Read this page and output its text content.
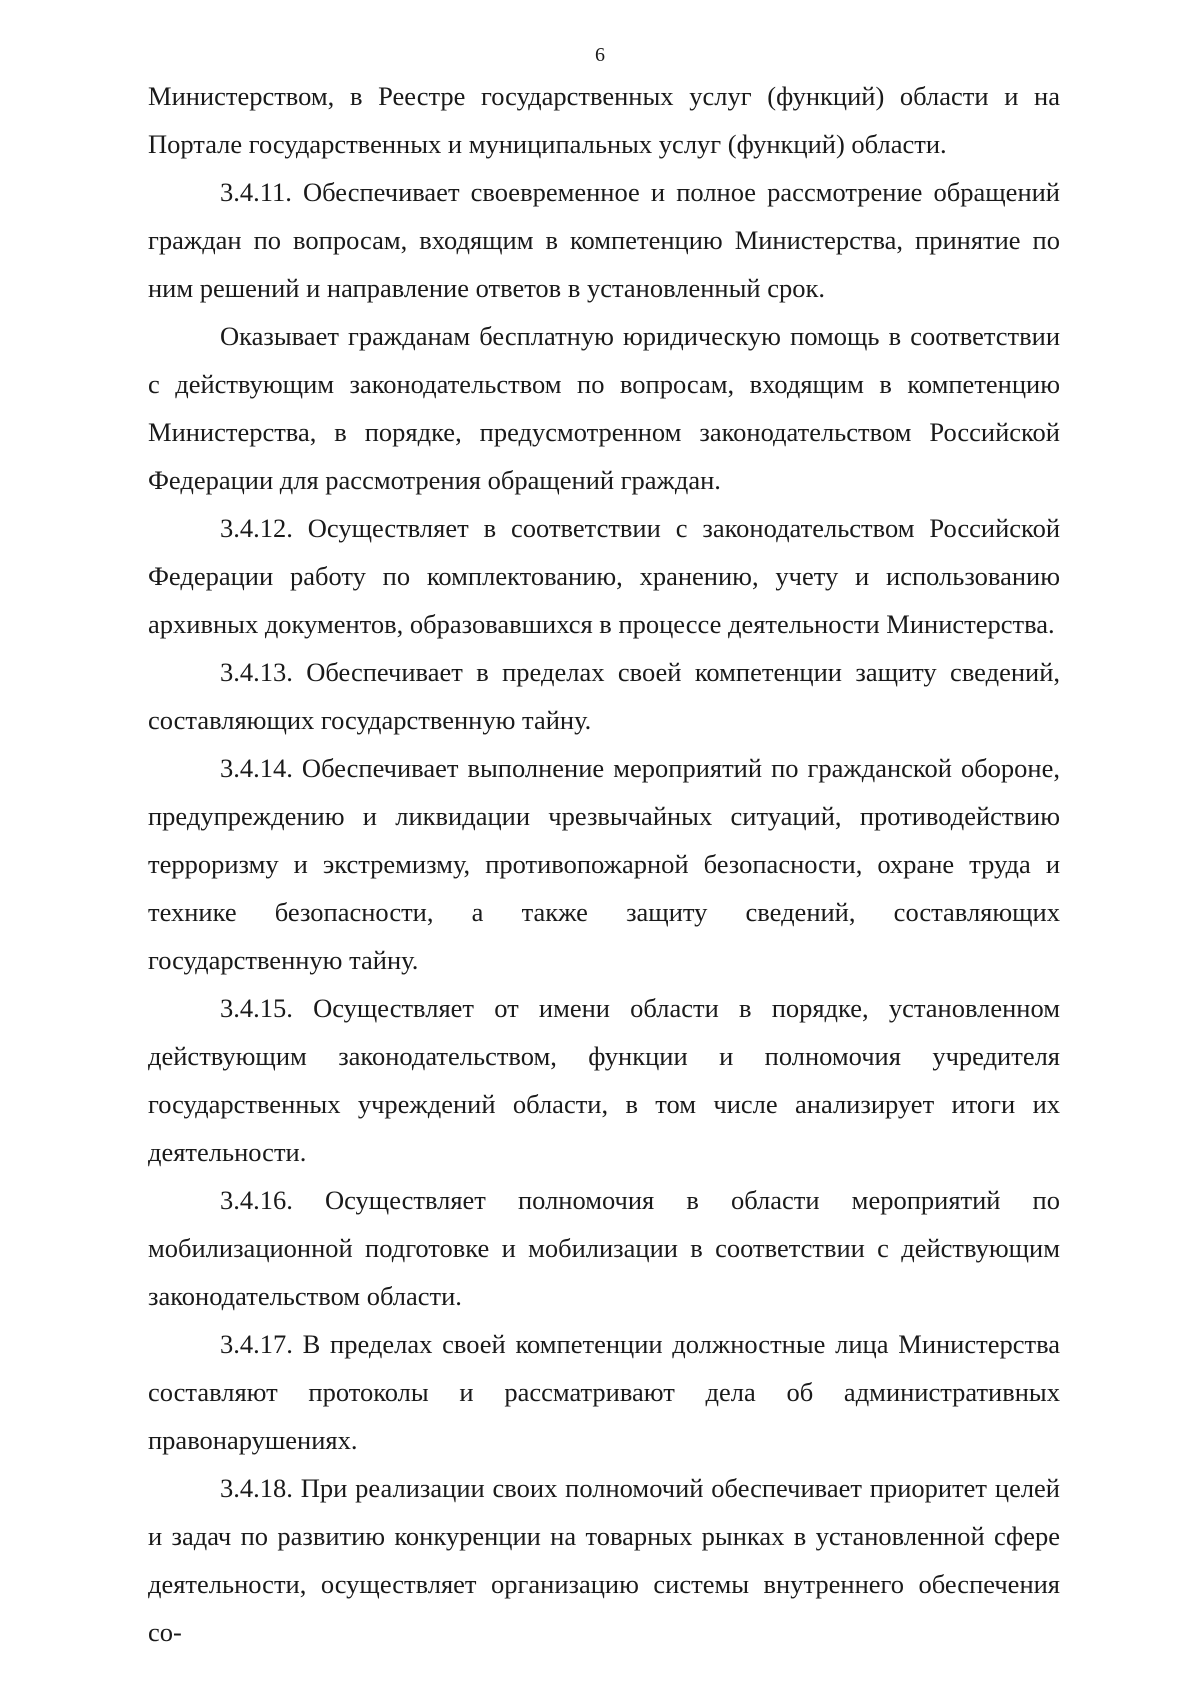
6

Министерством, в Реестре государственных услуг (функций) области и на Портале государственных и муниципальных услуг (функций) области.

3.4.11. Обеспечивает своевременное и полное рассмотрение обращений граждан по вопросам, входящим в компетенцию Министерства, принятие по ним решений и направление ответов в установленный срок.

Оказывает гражданам бесплатную юридическую помощь в соответствии с действующим законодательством по вопросам, входящим в компетенцию Министерства, в порядке, предусмотренном законодательством Российской Федерации для рассмотрения обращений граждан.

3.4.12. Осуществляет в соответствии с законодательством Российской Федерации работу по комплектованию, хранению, учету и использованию архивных документов, образовавшихся в процессе деятельности Министерства.

3.4.13. Обеспечивает в пределах своей компетенции защиту сведений, составляющих государственную тайну.

3.4.14. Обеспечивает выполнение мероприятий по гражданской обороне, предупреждению и ликвидации чрезвычайных ситуаций, противодействию терроризму и экстремизму, противопожарной безопасности, охране труда и технике безопасности, а также защиту сведений, составляющих государственную тайну.

3.4.15. Осуществляет от имени области в порядке, установленном действующим законодательством, функции и полномочия учредителя государственных учреждений области, в том числе анализирует итоги их деятельности.

3.4.16. Осуществляет полномочия в области мероприятий по мобилизационной подготовке и мобилизации в соответствии с действующим законодательством области.

3.4.17. В пределах своей компетенции должностные лица Министерства составляют протоколы и рассматривают дела об административных правонарушениях.

3.4.18. При реализации своих полномочий обеспечивает приоритет целей и задач по развитию конкуренции на товарных рынках в установленной сфере деятельности, осуществляет организацию системы внутреннего обеспечения со-
